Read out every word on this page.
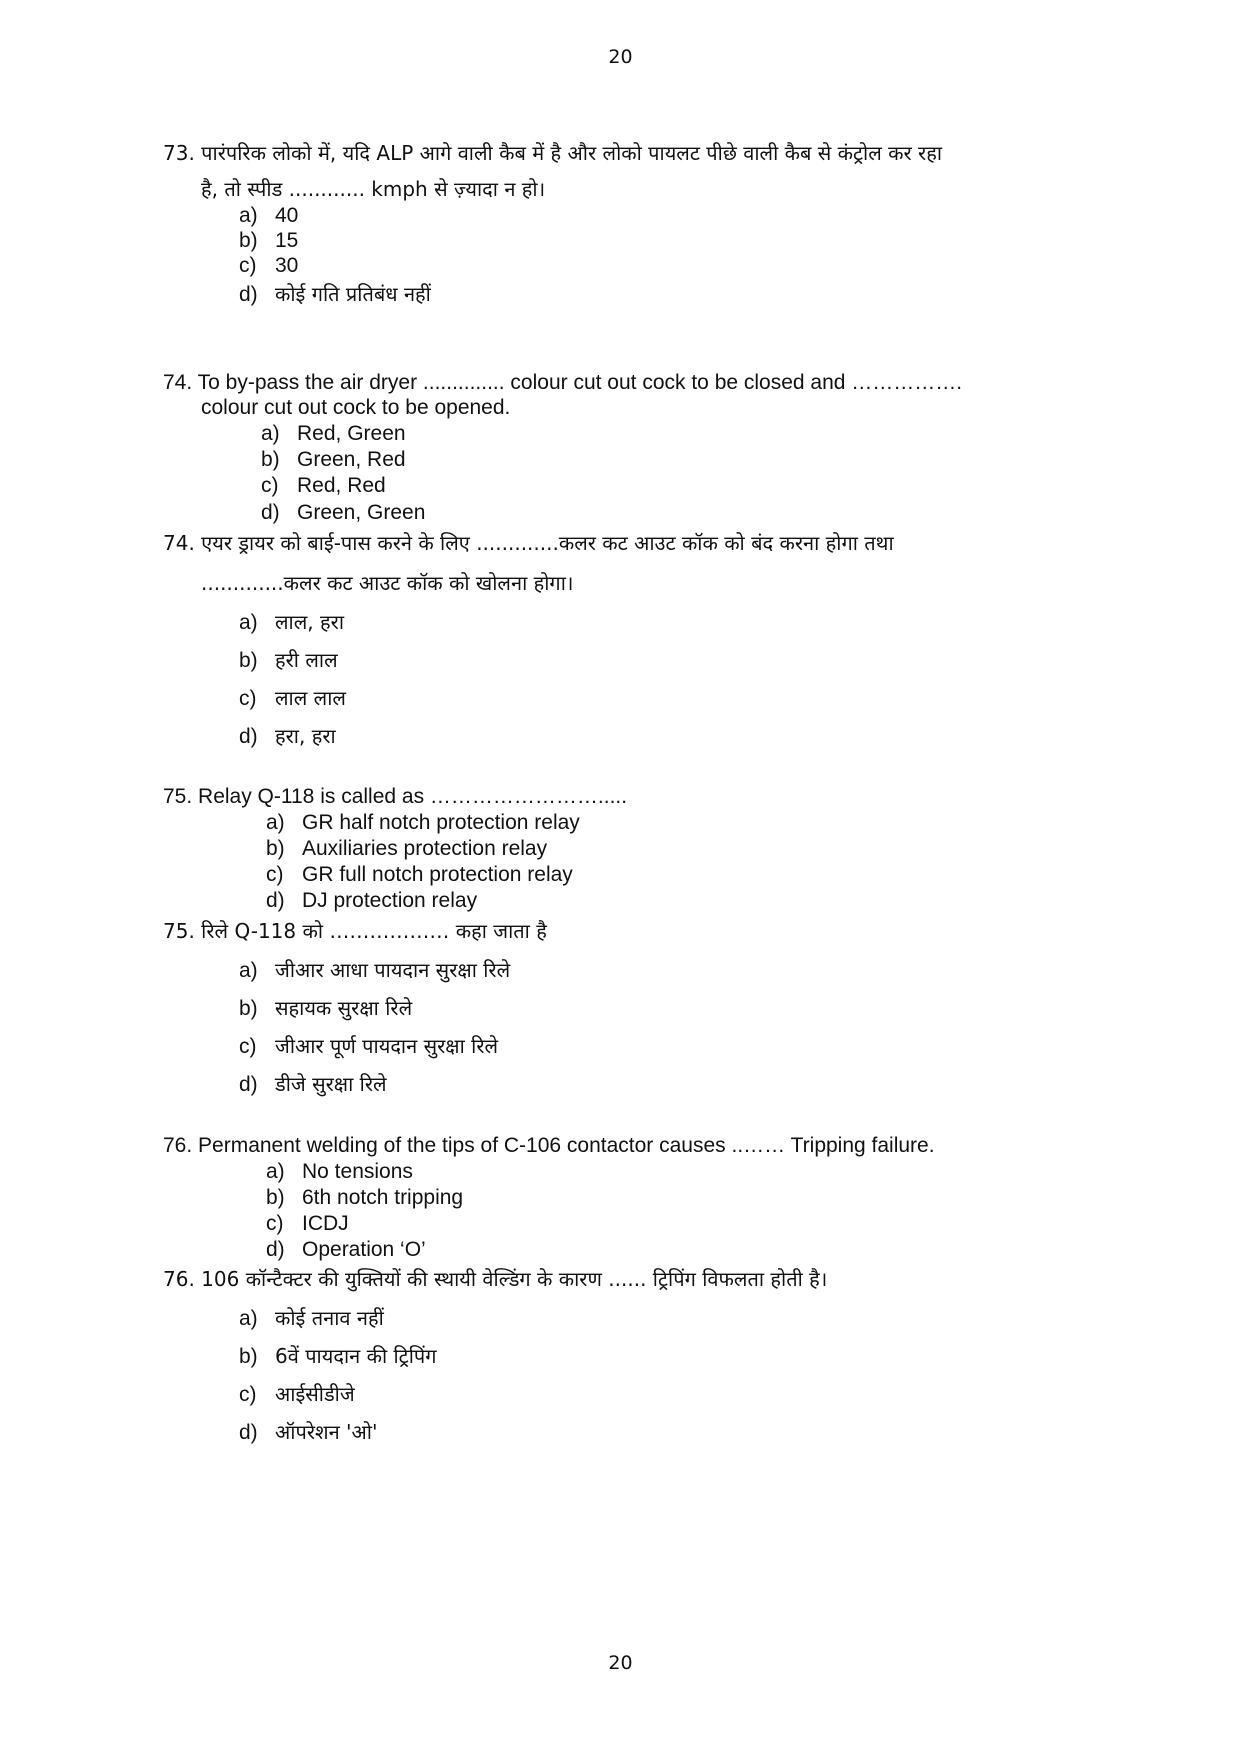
20
73. पारंपरिक लोको में, यदि ALP आगे वाली कैब में है और लोको पायलट पीछे वाली कैब से कंट्रोल कर रहा
है, तो स्पीड ............ kmph से ज़्यादा न हो।
a) 40
b) 15
c) 30
d) कोई गति प्रतिबंध नहीं
74. To by-pass the air dryer .............. colour cut out cock to be closed and …………….
colour cut out cock to be opened.
a) Red, Green
b) Green, Red
c) Red, Red
d) Green, Green
74. एयर ड्रायर को बाई-पास करने के लिए .............कलर कट आउट कॉक को बंद करना होगा तथा
.............कलर कट आउट कॉक को खोलना होगा।
a) लाल, हरा
b) हरी लाल
c) लाल लाल
d) हरा, हरा
75. Relay Q-118 is called as …………………….....
a) GR half notch protection relay
b) Auxiliaries protection relay
c) GR full notch protection relay
d) DJ protection relay
75. रिले Q-118 को ……………… कहा जाता है
a) जीआर आधा पायदान सुरक्षा रिले
b) सहायक सुरक्षा रिले
c) जीआर पूर्ण पायदान सुरक्षा रिले
d) डीजे सुरक्षा रिले
76. Permanent welding of the tips of C-106 contactor causes ..…… Tripping failure.
a) No tensions
b) 6th notch tripping
c) ICDJ
d) Operation ‘O’
76. 106 कॉन्टैक्टर की युक्तियों की स्थायी वेल्डिंग के कारण ...... ट्रिपिंग विफलता होती है।
a) कोई तनाव नहीं
b) 6वें पायदान की ट्रिपिंग
c) आईसीडीजे
d) ऑपरेशन 'ओ'
20
